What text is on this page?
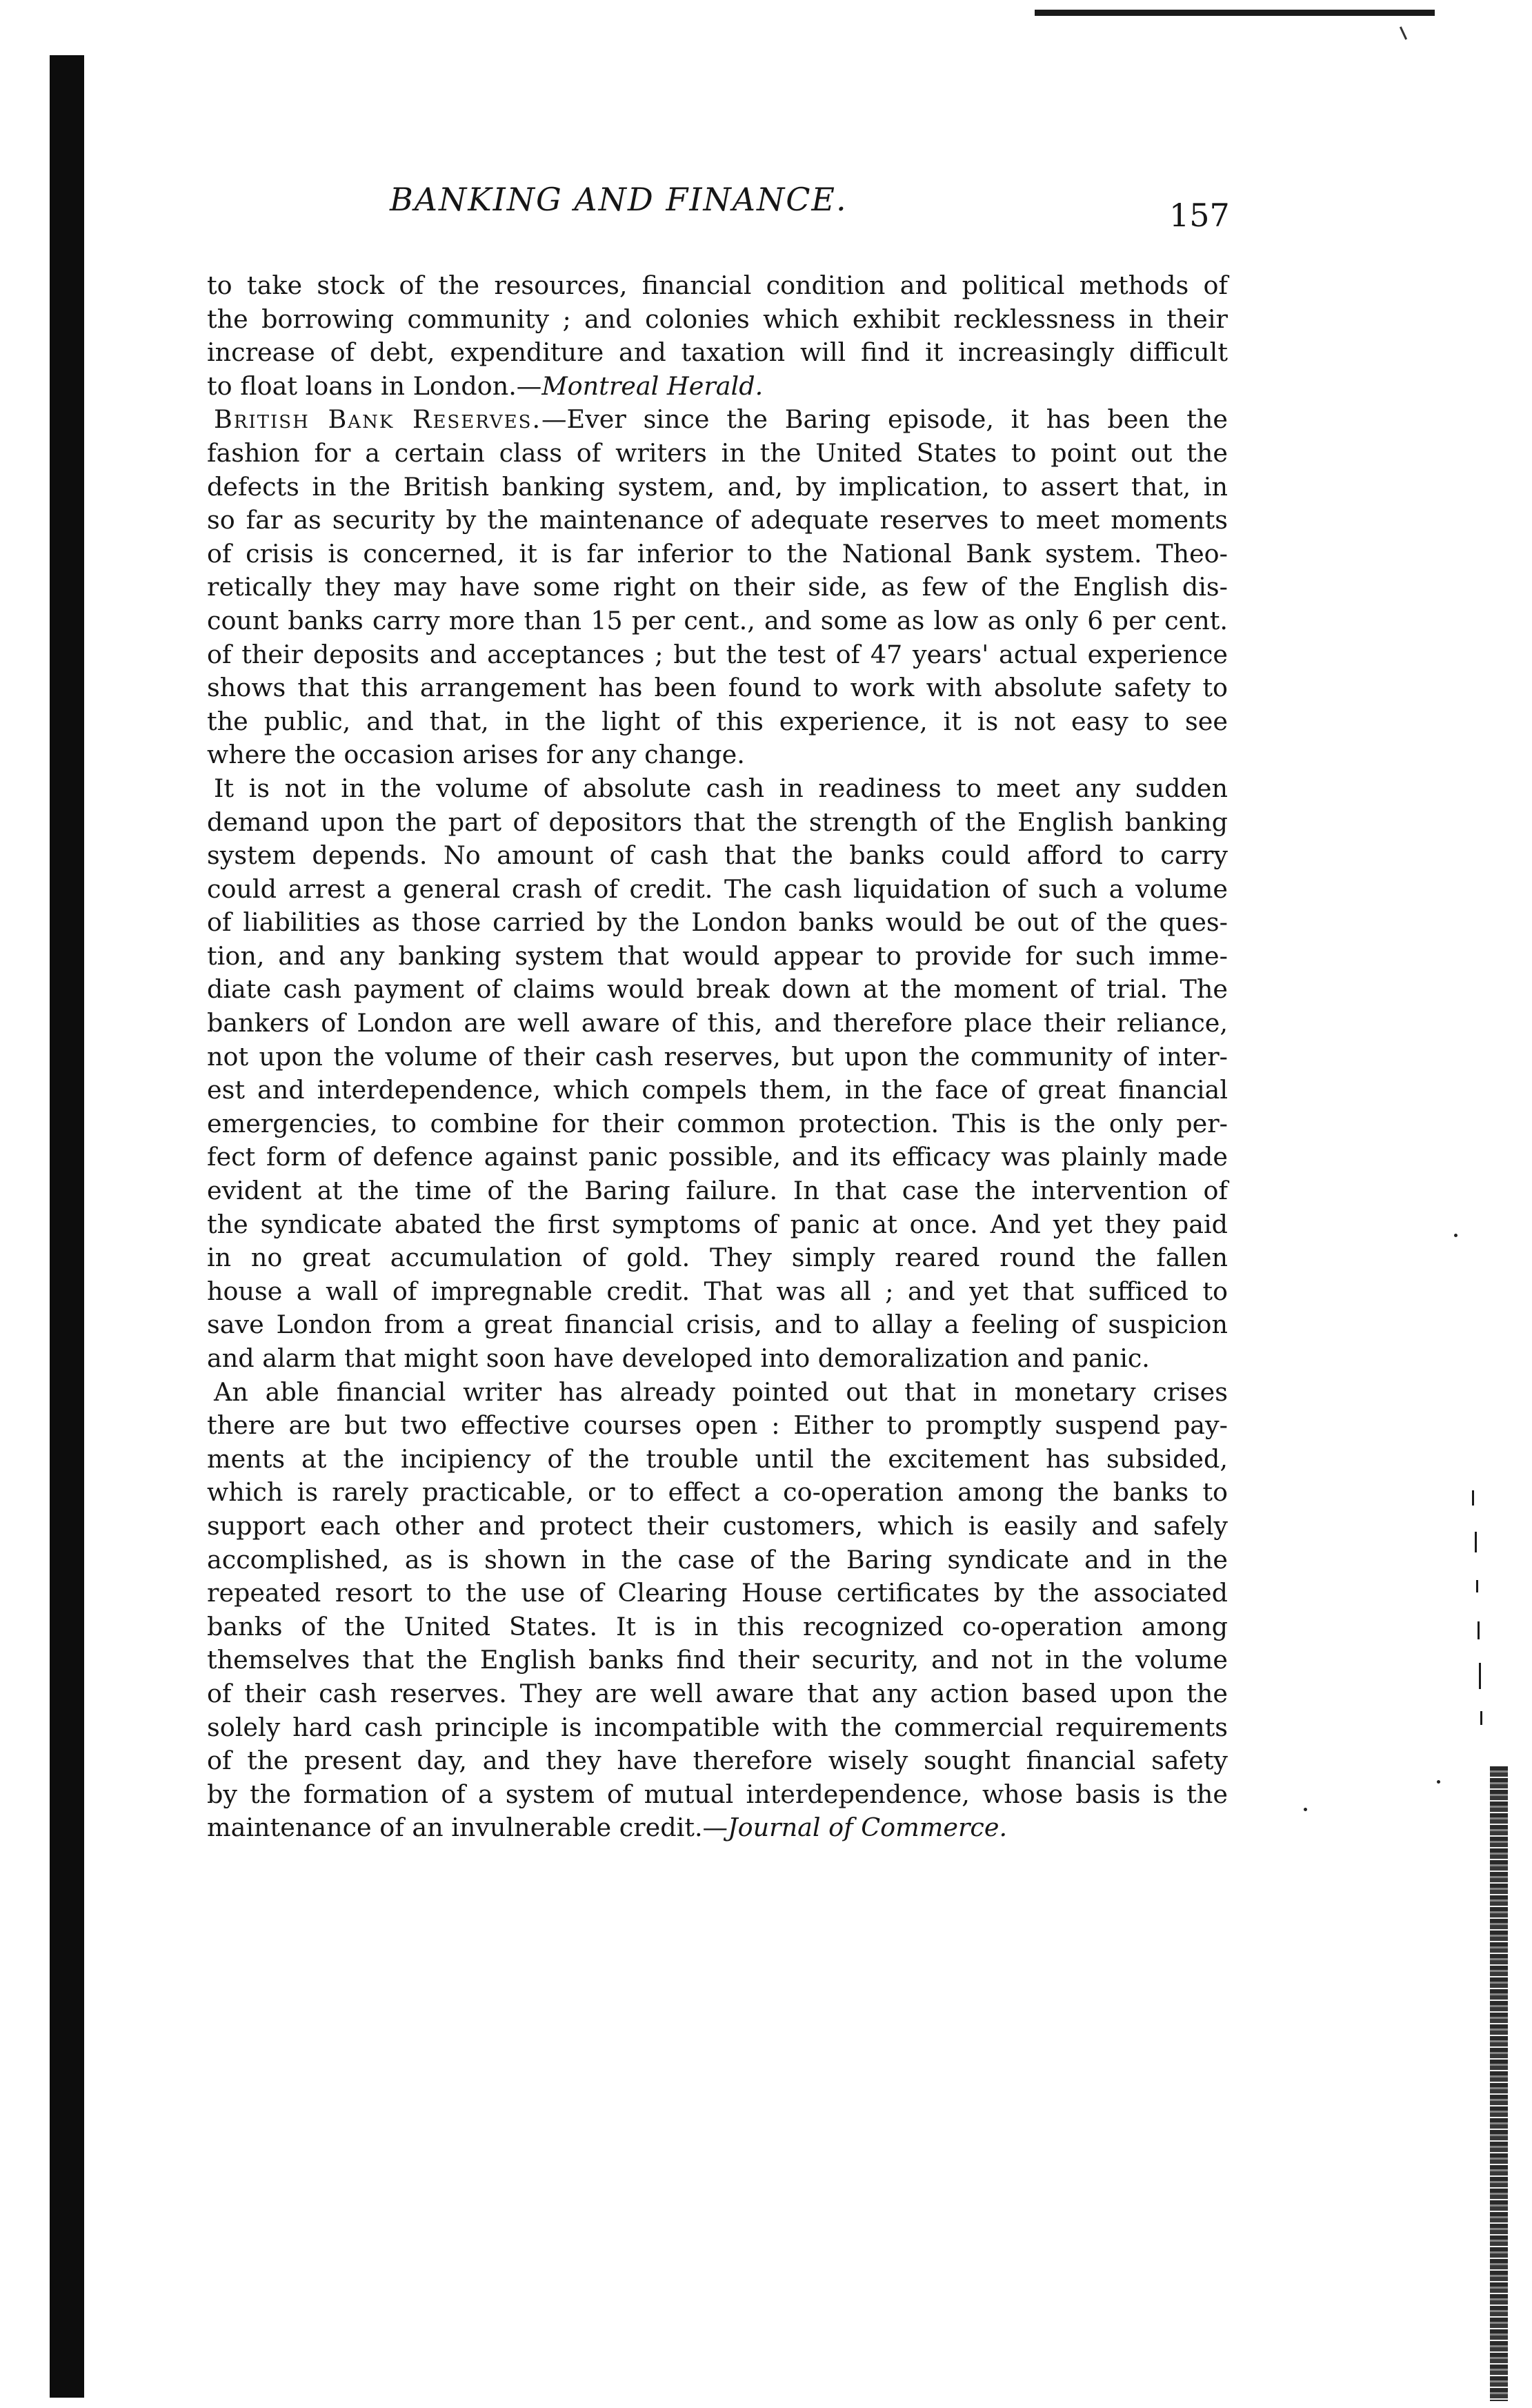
BANKING AND FINANCE.	157

to take stock of the resources, financial condition and political methods of
the borrowing community ; and colonies which exhibit recklessness in their
increase of debt, expenditure and taxation will find it increasingly difficult
to float loans in London.—Montreal Herald.

British Bank Reserves.—Ever since the Baring episode, it has been the
fashion for a certain class of writers in the United States to point out the
defects in the British banking system, and, by implication, to assert that, in
so far as security by the maintenance of adequate reserves to meet moments
of crisis is concerned, it is far inferior to the National Bank system. Theo-
retically they may have some right on their side, as few of the English dis-
count banks carry more than 15 per cent., and some as low as only 6 per cent.
of their deposits and acceptances ; but the test of 47 years' actual experience
shows that this arrangement has been found to work with absolute safety to
the public, and that, in the light of this experience, it is not easy to see
where the occasion arises for any change.

It is not in the volume of absolute cash in readiness to meet any sudden
demand upon the part of depositors that the strength of the English banking
system depends. No amount of cash that the banks could afford to carry
could arrest a general crash of credit. The cash liquidation of such a volume
of liabilities as those carried by the London banks would be out of the ques-
tion, and any banking system that would appear to provide for such imme-
diate cash payment of claims would break down at the moment of trial. The
bankers of London are well aware of this, and therefore place their reliance,
not upon the volume of their cash reserves, but upon the community of inter-
est and interdependence, which compels them, in the face of great financial
emergencies, to combine for their common protection. This is the only per-
fect form of defence against panic possible, and its efficacy was plainly made
evident at the time of the Baring failure. In that case the intervention of
the syndicate abated the first symptoms of panic at once. And yet they paid
in no great accumulation of gold. They simply reared round the fallen
house a wall of impregnable credit. That was all ; and yet that sufficed to
save London from a great financial crisis, and to allay a feeling of suspicion
and alarm that might soon have developed into demoralization and panic.

An able financial writer has already pointed out that in monetary crises
there are but two effective courses open : Either to promptly suspend pay-
ments at the incipiency of the trouble until the excitement has subsided,
which is rarely practicable, or to effect a co-operation among the banks to
support each other and protect their customers, which is easily and safely
accomplished, as is shown in the case of the Baring syndicate and in the
repeated resort to the use of Clearing House certificates by the associated
banks of the United States. It is in this recognized co-operation among
themselves that the English banks find their security, and not in the volume
of their cash reserves. They are well aware that any action based upon the
solely hard cash principle is incompatible with the commercial requirements
of the present day, and they have therefore wisely sought financial safety
by the formation of a system of mutual interdependence, whose basis is the
maintenance of an invulnerable credit.—Journal of Commerce.
